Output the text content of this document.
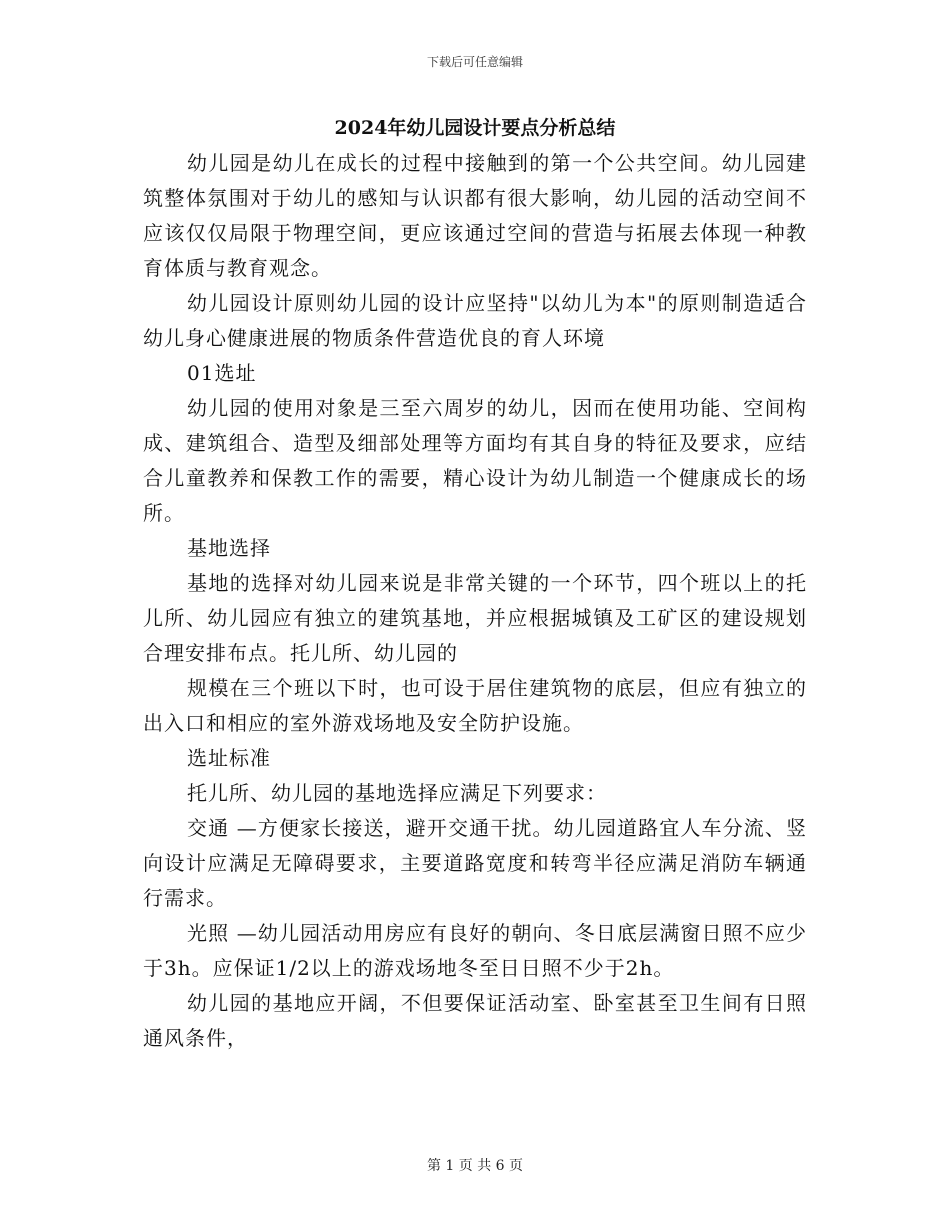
下载后可任意编辑
2024年幼儿园设计要点分析总结

幼儿园是幼儿在成长的过程中接触到的第一个公共空间。幼儿园建筑整体氛围对于幼儿的感知与认识都有很大影响，幼儿园的活动空间不应该仅仅局限于物理空间，更应该通过空间的营造与拓展去体现一种教育体质与教育观念。

幼儿园设计原则幼儿园的设计应坚持"以幼儿为本"的原则制造适合幼儿身心健康进展的物质条件营造优良的育人环境

01选址

幼儿园的使用对象是三至六周岁的幼儿，因而在使用功能、空间构成、建筑组合、造型及细部处理等方面均有其自身的特征及要求，应结合儿童教养和保教工作的需要，精心设计为幼儿制造一个健康成长的场所。

基地选择

基地的选择对幼儿园来说是非常关键的一个环节，四个班以上的托儿所、幼儿园应有独立的建筑基地，并应根据城镇及工矿区的建设规划合理安排布点。托儿所、幼儿园的

规模在三个班以下时，也可设于居住建筑物的底层，但应有独立的出入口和相应的室外游戏场地及安全防护设施。

选址标准

托儿所、幼儿园的基地选择应满足下列要求：

交通 —方便家长接送，避开交通干扰。幼儿园道路宜人车分流、竖向设计应满足无障碍要求，主要道路宽度和转弯半径应满足消防车辆通行需求。

光照 —幼儿园活动用房应有良好的朝向、冬日底层满窗日照不应少于3h。应保证1/2以上的游戏场地冬至日日照不少于2h。

幼儿园的基地应开阔，不但要保证活动室、卧室甚至卫生间有日照通风条件，

第 1 页 共 6 页
